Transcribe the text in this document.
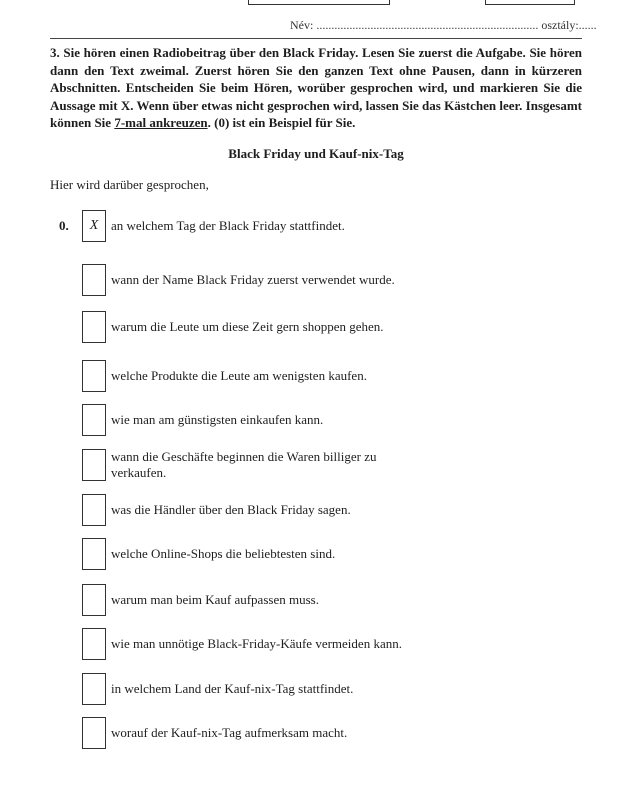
Név:
..........................................................................
osztály:......
3. Sie hören einen Radiobeitrag über den Black Friday. Lesen Sie zuerst die Aufgabe. Sie hören dann den Text zweimal. Zuerst hören Sie den ganzen Text ohne Pausen, dann in kürzeren Abschnitten. Entscheiden Sie beim Hören, worüber gesprochen wird, und markieren Sie die Aussage mit X. Wenn über etwas nicht gesprochen wird, lassen Sie das Kästchen leer. Insgesamt können Sie 7-mal ankreuzen. (0) ist ein Beispiel für Sie.
Black Friday und Kauf-nix-Tag
Hier wird darüber gesprochen,
0.	X an welchem Tag der Black Friday stattfindet.
wann der Name Black Friday zuerst verwendet wurde.
warum die Leute um diese Zeit gern shoppen gehen.
welche Produkte die Leute am wenigsten kaufen.
wie man am günstigsten einkaufen kann.
wann die Geschäfte beginnen die Waren billiger zu verkaufen.
was die Händler über den Black Friday sagen.
welche Online-Shops die beliebtesten sind.
warum man beim Kauf aufpassen muss.
wie man unnötige Black-Friday-Käufe vermeiden kann.
in welchem Land der Kauf-nix-Tag stattfindet.
worauf der Kauf-nix-Tag aufmerksam macht.
